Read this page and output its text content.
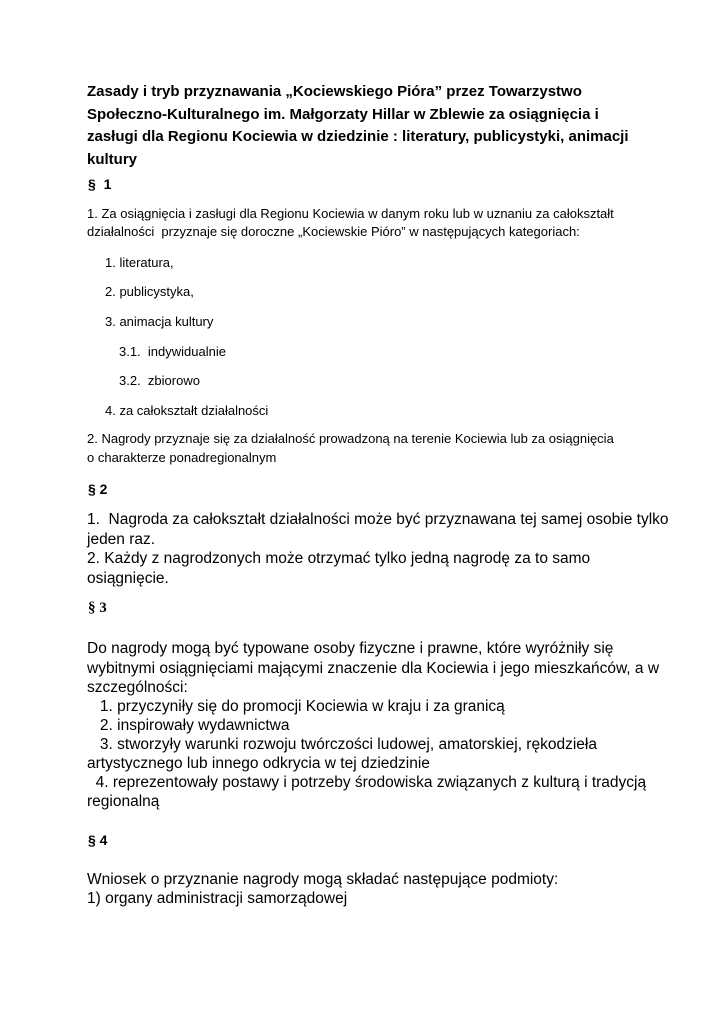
Zasady i tryb przyznawania „Kociewskiego Pióra” przez Towarzystwo Społeczno-Kulturalnego im. Małgorzaty Hillar w Zblewie za osiągnięcia i zasługi dla Regionu Kociewia w dziedzinie : literatury, publicystyki, animacji kultury
§  1
1. Za osiągnięcia i zasługi dla Regionu Kociewia w danym roku lub w uznaniu za całokształt
działalności  przyznaje się doroczne „Kociewskie Pióro” w następujących kategoriach:
1. literatura,
2. publicystyka,
3. animacja kultury
3.1.  indywidualnie
3.2.  zbiorowo
4. za całokształt działalności
2. Nagrody przyznaje się za działalność prowadzoną na terenie Kociewia lub za osiągnięcia
o charakterze ponadregionalnym
§ 2
1.  Nagroda za całokształt działalności może być przyznawana tej samej osobie tylko
jeden raz.
2. Każdy z nagrodzonych może otrzymać tylko jedną nagrodę za to samo
osiągnięcie.
§ 3
Do nagrody mogą być typowane osoby fizyczne i prawne, które wyróżniły się
wybitnymi osiągnięciami mającymi znaczenie dla Kociewia i jego mieszkańców, a w
szczególności:
1. przyczyniły się do promocji Kociewia w kraju i za granicą
2. inspirowały wydawnictwa
3. stworzyły warunki rozwoju twórczości ludowej, amatorskiej, rękodzieła
artystycznego lub innego odkrycia w tej dziedzinie
4. reprezentowały postawy i potrzeby środowiska związanych z kulturą i tradycją
regionalną
§ 4
Wniosek o przyznanie nagrody mogą składać następujące podmioty:
1) organy administracji samorządowej
